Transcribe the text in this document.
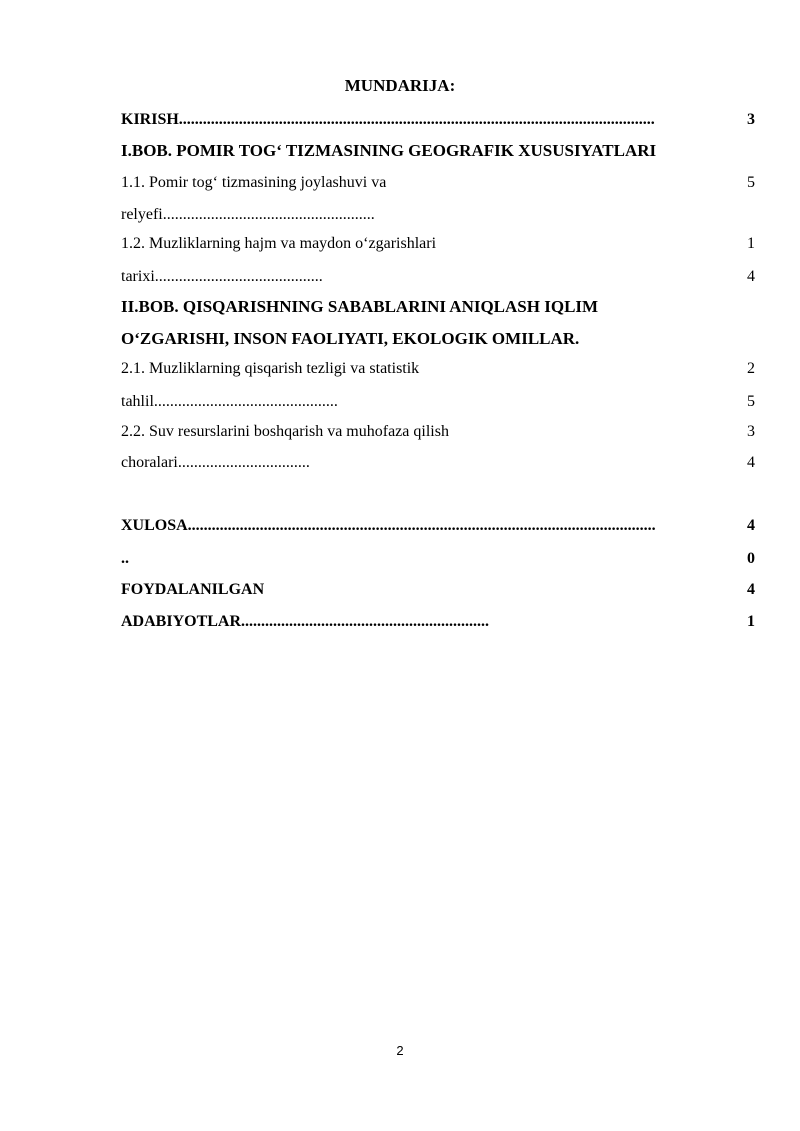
MUNDARIJA:
KIRISH.......................................................................................................................	3
I.BOB. POMIR TOG‘ TIZMASINING GEOGRAFIK XUSUSIYATLARI
1.1. Pomir tog‘ tizmasining joylashuvi va	5
relyefi.....................................................
1.2. Muzliklarning hajm va maydon o‘zgarishlari	1
tarixi..........................................	4
II.BOB. QISQARISHNING SABABLARINI ANIQLASH IQLIM
O‘ZGARISHI, INSON FAOLIYATI, EKOLOGIK OMILLAR.
2.1. Muzliklarning qisqarish tezligi va statistik	2
tahlil..............................................	5
2.2. Suv resurslarini boshqarish va muhofaza qilish	3
choralari.................................	4
XULOSA.....................................................................................................................	4
..	0
FOYDALANILGAN	4
ADABIYOTLAR..............................................................	1
2
